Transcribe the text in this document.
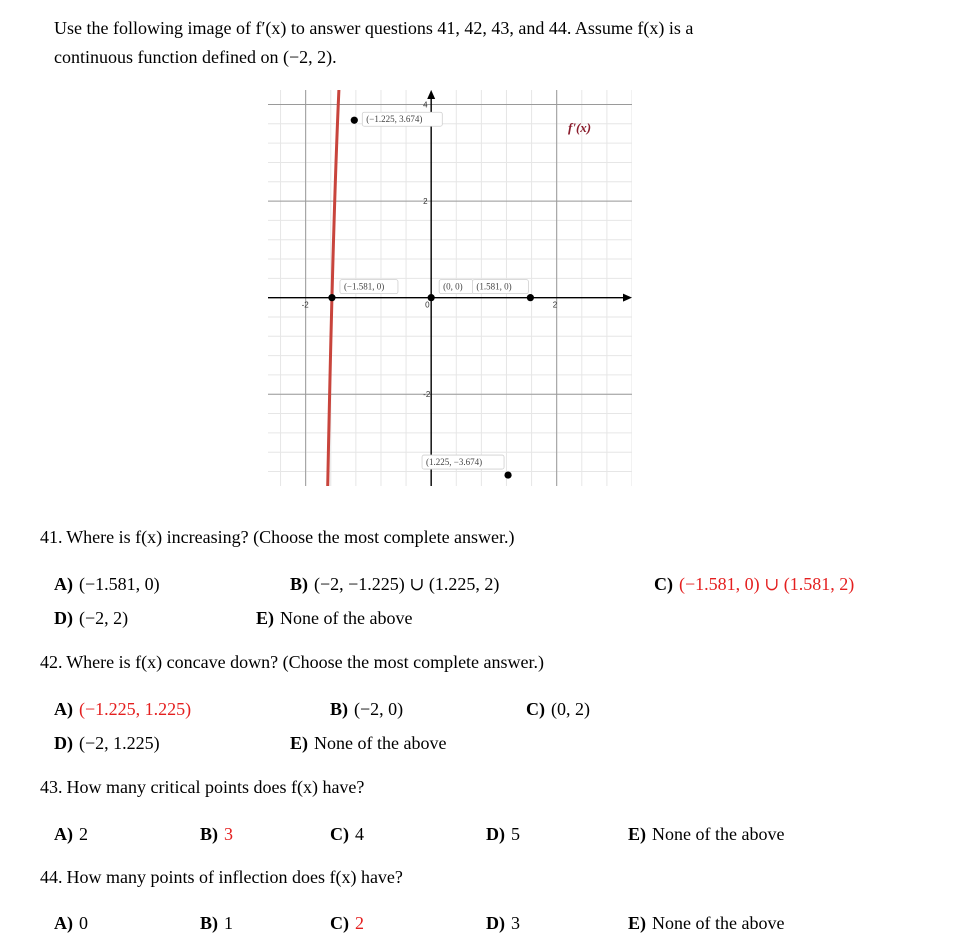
Use the following image of f′(x) to answer questions 41, 42, 43, and 44. Assume f(x) is a
continuous function defined on (−2, 2).
-2	0	2
4
2
-2
(−1.581, 0)
(−1.225, 3.674)
(0, 0)
(1.225, −3.674)
(1.581, 0)
f'(x)
41. Where is f(x) increasing? (Choose the most complete answer.)
A) (−1.581, 0)	B) (−2, −1.225) ∪ (1.225, 2)	C) (−1.581, 0) ∪ (1.581, 2)
D) (−2, 2)	E) None of the above
42. Where is f(x) concave down? (Choose the most complete answer.)
A) (−1.225, 1.225)	B) (−2, 0)	C) (0, 2)
D) (−2, 1.225)	E) None of the above
43. How many critical points does f(x) have?
A) 2	B) 3	C) 4	D) 5	E) None of the above
44. How many points of inflection does f(x) have?
A) 0	B) 1	C) 2	D) 3	E) None of the above
